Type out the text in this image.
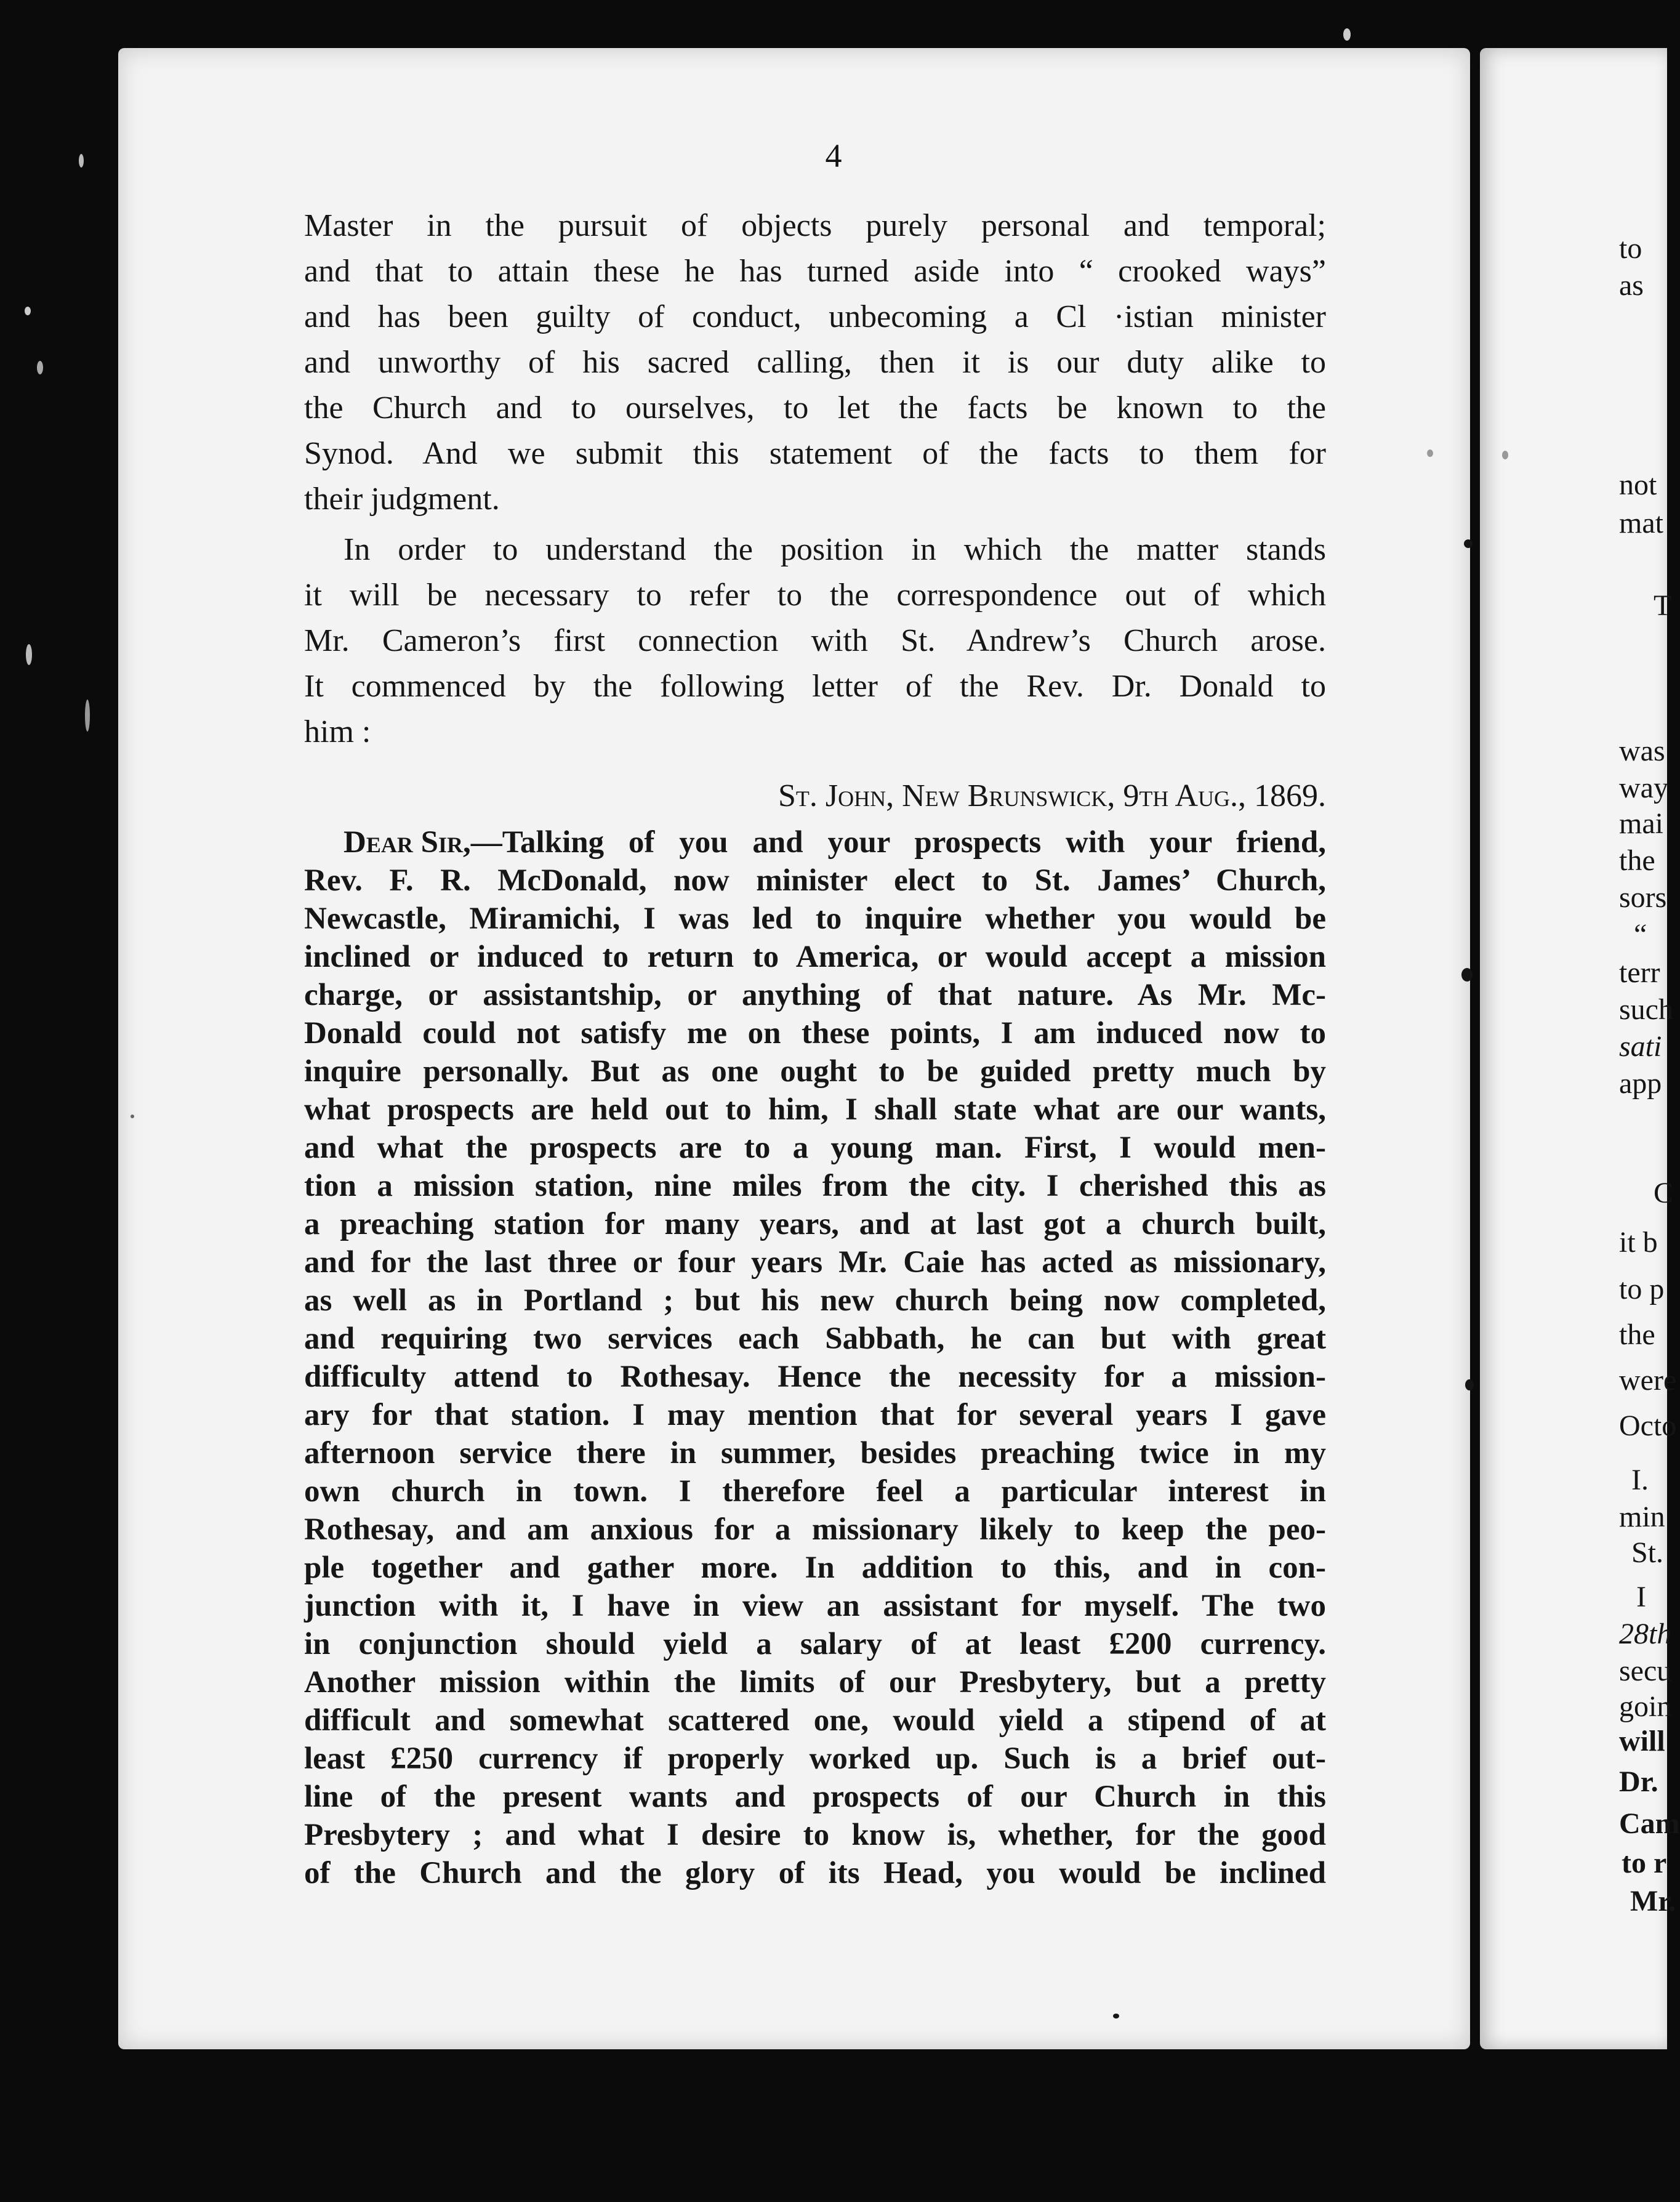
4
Master in the pursuit of objects purely personal and temporal;
and that to attain these he has turned aside into “ crooked ways”
and has been guilty of conduct, unbecoming a Cl ·istian minister
and unworthy of his sacred calling, then it is our duty alike to
the Church and to ourselves, to let the facts be known to the
Synod. And we submit this statement of the facts to them for
their judgment.
In order to understand the position in which the matter stands
it will be necessary to refer to the correspondence out of which
Mr. Cameron’s first connection with St. Andrew’s Church arose.
It commenced by the following letter of the Rev. Dr. Donald to
him :
St. John, New Brunswick, 9th Aug., 1869.
Dear Sir, —Talking of you and your prospects with your friend,
Rev. F. R. McDonald, now minister elect to St. James’ Church,
Newcastle, Miramichi, I was led to inquire whether you would be
inclined or induced to return to America, or would accept a mission
charge, or assistantship, or anything of that nature. As Mr. Mc-
Donald could not satisfy me on these points, I am induced now to
inquire personally. But as one ought to be guided pretty much by
what prospects are held out to him, I shall state what are our wants,
and what the prospects are to a young man. First, I would men-
tion a mission station, nine miles from the city. I cherished this as
a preaching station for many years, and at last got a church built,
and for the last three or four years Mr. Caie has acted as missionary,
as well as in Portland ; but his new church being now completed,
and requiring two services each Sabbath, he can but with great
difficulty attend to Rothesay. Hence the necessity for a mission-
ary for that station. I may mention that for several years I gave
afternoon service there in summer, besides preaching twice in my
own church in town. I therefore feel a particular interest in
Rothesay, and am anxious for a missionary likely to keep the peo-
ple together and gather more. In addition to this, and in con-
junction with it, I have in view an assistant for myself. The two
in conjunction should yield a salary of at least £200 currency.
Another mission within the limits of our Presbytery, but a pretty
difficult and somewhat scattered one, would yield a stipend of at
least £250 currency if properly worked up. Such is a brief out-
line of the present wants and prospects of our Church in this
Presbytery ; and what I desire to know is, whether, for the good
of the Church and the glory of its Head, you would be inclined
to
as
not
mat
T
was
way
mai
the
sors
“
terr
such
sati
app
C
it b
to p
the
were
Octo
I.
min
St.
I
28th
secu
goin
will
Dr.
Cam
to r
Mr.
